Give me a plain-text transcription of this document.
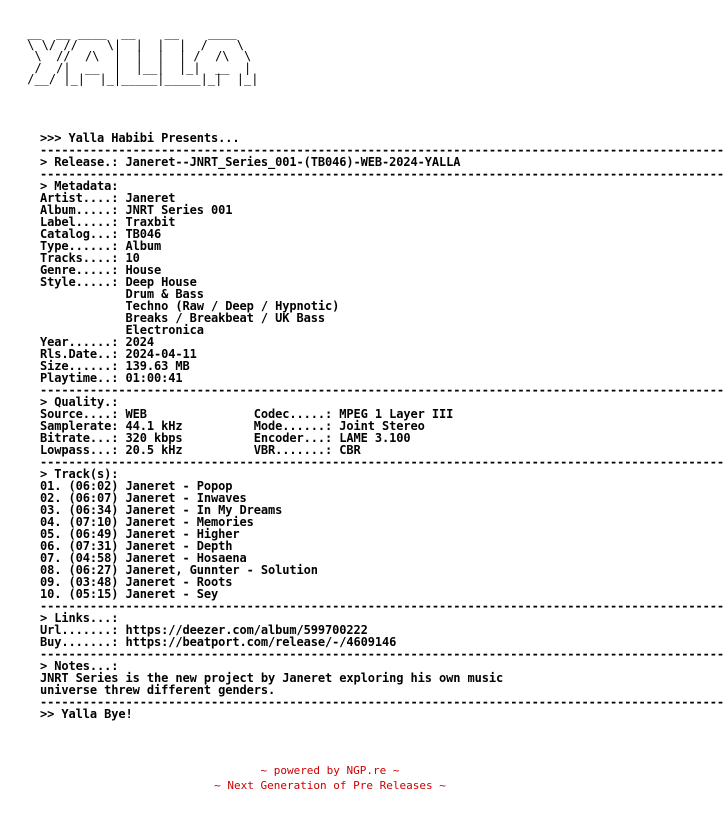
__  __ ____  __    __    ____
\ \/ //    \|  |  |  |  /    \
\  //  /\  |  |  |  | /  /\  \
/  /|  __  |  |__|  |_|  __  |
/__/ |_|  |_|_____|_____|_|  |_|
>>> Yalla Habibi Presents...
------------------------------------------------------------------------------------------------
> Release.: Janeret--JNRT_Series_001-(TB046)-WEB-2024-YALLA
------------------------------------------------------------------------------------------------
> Metadata:
Artist....: Janeret
Album.....: JNRT Series 001
Label.....: Traxbit
Catalog...: TB046
Type......: Album
Tracks....: 10
Genre.....: House
Style.....: Deep House
Drum & Bass
Techno (Raw / Deep / Hypnotic)
Breaks / Breakbeat / UK Bass
Electronica
Year......: 2024
Rls.Date..: 2024-04-11
Size......: 139.63 MB
Playtime..: 01:00:41
------------------------------------------------------------------------------------------------
> Quality.:
Source....: WEB               Codec.....: MPEG 1 Layer III
Samplerate: 44.1 kHz          Mode......: Joint Stereo
Bitrate...: 320 kbps          Encoder...: LAME 3.100
Lowpass...: 20.5 kHz          VBR.......: CBR
------------------------------------------------------------------------------------------------
> Track(s):
01. (06:02) Janeret - Popop
02. (06:07) Janeret - Inwaves
03. (06:34) Janeret - In My Dreams
04. (07:10) Janeret - Memories
05. (06:49) Janeret - Higher
06. (07:31) Janeret - Depth
07. (04:58) Janeret - Hosaena
08. (06:27) Janeret, Gunnter - Solution
09. (03:48) Janeret - Roots
10. (05:15) Janeret - Sey
------------------------------------------------------------------------------------------------
> Links...:
Url.......: https://deezer.com/album/599700222
Buy.......: https://beatport.com/release/-/4609146
------------------------------------------------------------------------------------------------
> Notes...:
JNRT Series is the new project by Janeret exploring his own music
universe threw different genders.
------------------------------------------------------------------------------------------------
>> Yalla Bye!
~ powered by NGP.re ~
~ Next Generation of Pre Releases ~
